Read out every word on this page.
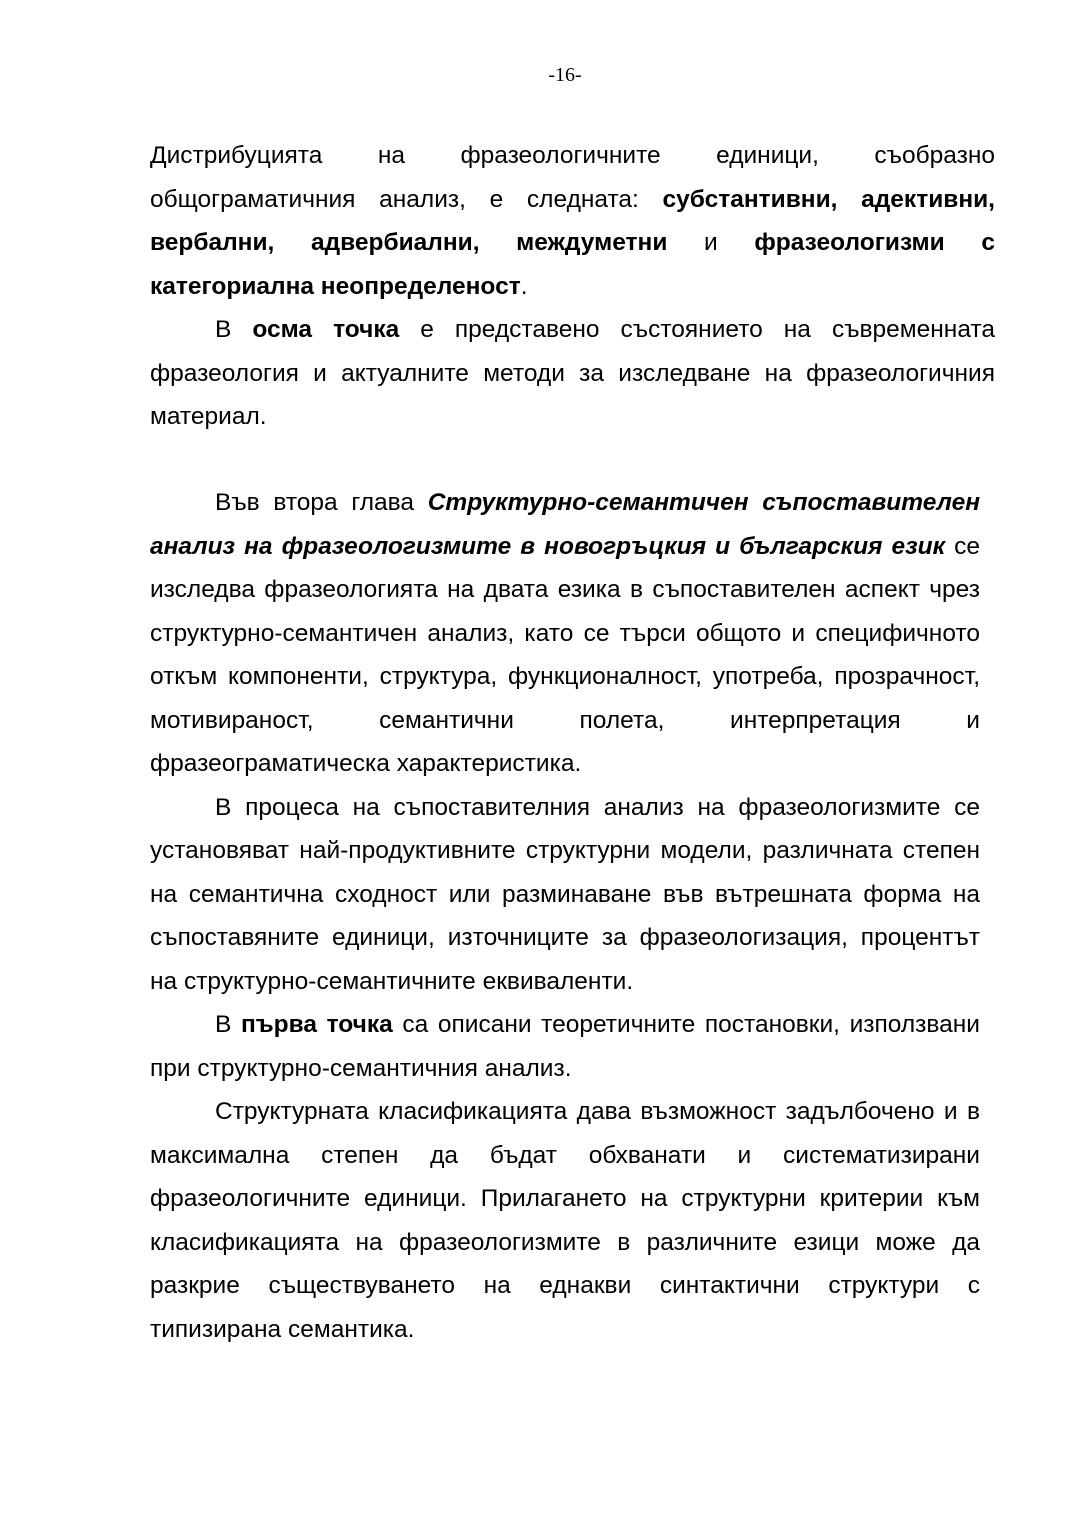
-16-

Дистрибуцията на фразеологичните единици, съобразно общограматичния анализ, е следната: субстантивни, адективни, вербални, адвербиални, междуметни и фразеологизми с категориална неопределеност.

В осма точка е представено състоянието на съвременната фразеология и актуалните методи за изследване на фразеологичния материал.

Във втора глава Структурно-семантичен съпоставителен анализ на фразеологизмите в новогръцкия и българския език се изследва фразеологията на двата езика в съпоставителен аспект чрез структурно-семантичен анализ, като се търси общото и специфичното откъм компоненти, структура, функционалност, употреба, прозрачност, мотивираност, семантични полета, интерпретация и фразеограматическа характеристика.

В процеса на съпоставителния анализ на фразеологизмите се установяват най-продуктивните структурни модели, различната степен на семантична сходност или разминаване във вътрешната форма на съпоставяните единици, източниците за фразеологизация, процентът на структурно-семантичните еквиваленти.

В първа точка са описани теоретичните постановки, използвани при структурно-семантичния анализ.

Структурната класификацията дава възможност задълбочено и в максимална степен да бъдат обхванати и систематизирани фразеологичните единици. Прилагането на структурни критерии към класификацията на фразеологизмите в различните езици може да разкрие съществуването на еднакви синтактични структури с типизирана семантика.
